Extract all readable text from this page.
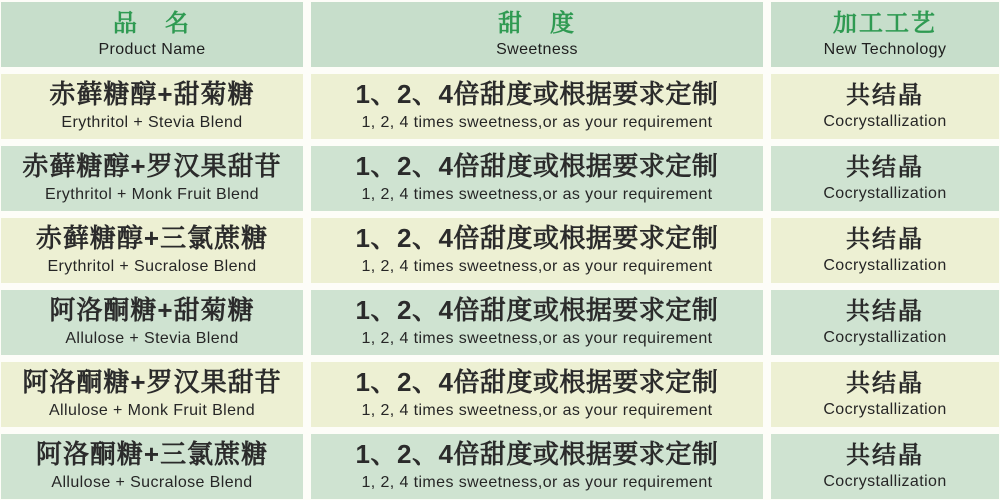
品　名
Product Name
甜　度
Sweetness
加工工艺
New Technology
赤藓糖醇+甜菊糖
Erythritol + Stevia Blend
1、2、4倍甜度或根据要求定制
1, 2, 4 times sweetness,or as your requirement
共结晶
Cocrystallization
赤藓糖醇+罗汉果甜苷
Erythritol + Monk Fruit Blend
1、2、4倍甜度或根据要求定制
1, 2, 4 times sweetness,or as your requirement
共结晶
Cocrystallization
赤藓糖醇+三氯蔗糖
Erythritol + Sucralose Blend
1、2、4倍甜度或根据要求定制
1, 2, 4 times sweetness,or as your requirement
共结晶
Cocrystallization
阿洛酮糖+甜菊糖
Allulose + Stevia Blend
1、2、4倍甜度或根据要求定制
1, 2, 4 times sweetness,or as your requirement
共结晶
Cocrystallization
阿洛酮糖+罗汉果甜苷
Allulose + Monk Fruit Blend
1、2、4倍甜度或根据要求定制
1, 2, 4 times sweetness,or as your requirement
共结晶
Cocrystallization
阿洛酮糖+三氯蔗糖
Allulose + Sucralose Blend
1、2、4倍甜度或根据要求定制
1, 2, 4 times sweetness,or as your requirement
共结晶
Cocrystallization
